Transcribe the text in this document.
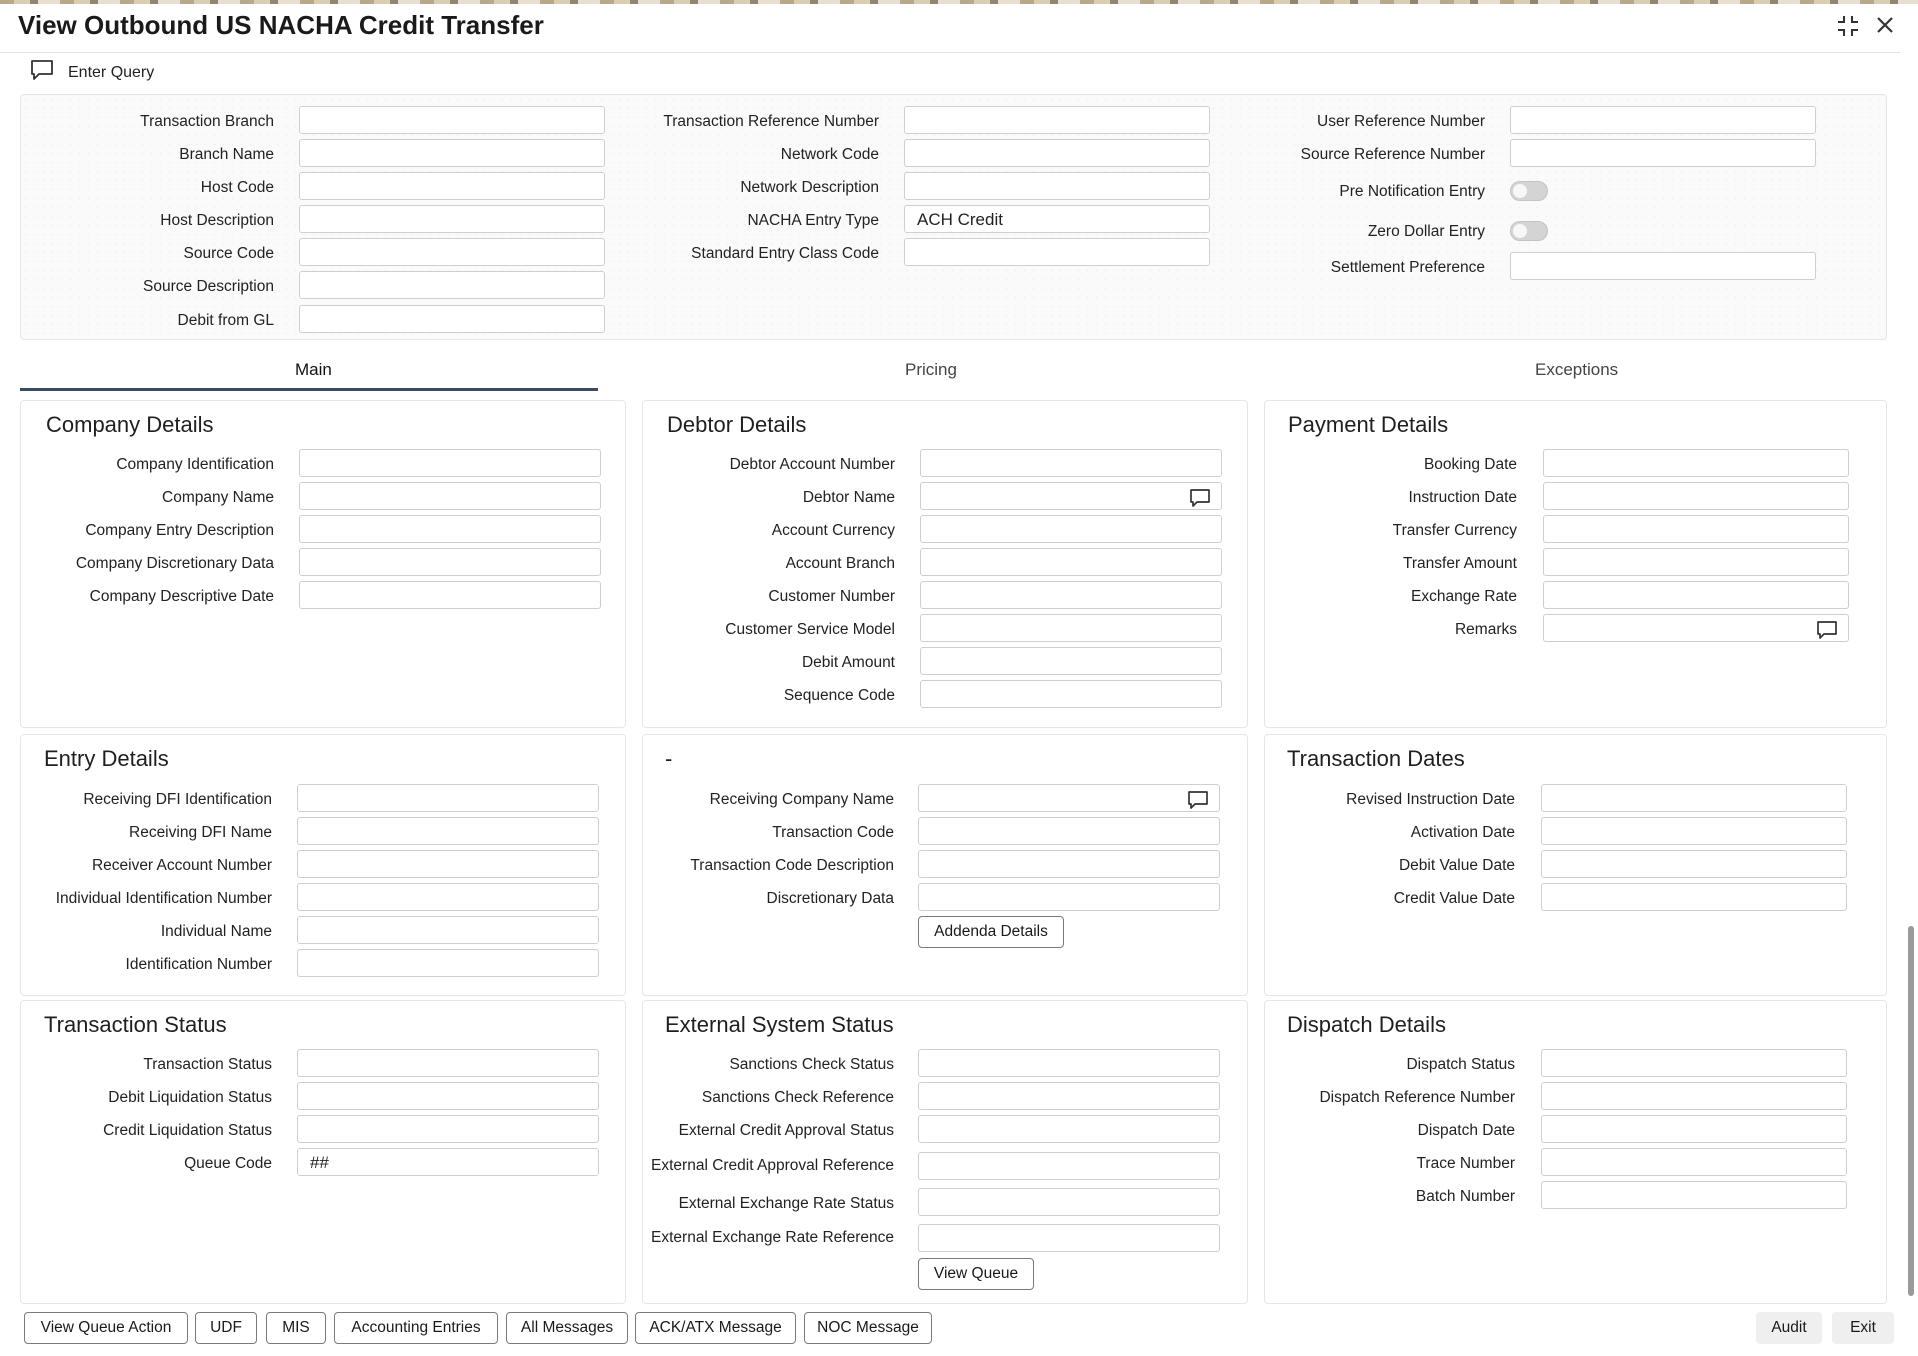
View Outbound US NACHA Credit Transfer
Enter Query
Transaction Branch
Branch Name
Host Code
Host Description
Source Code
Source Description
Debit from GL
Transaction Reference Number
Network Code
Network Description
NACHA Entry Type	ACH Credit
Standard Entry Class Code
User Reference Number
Source Reference Number
Pre Notification Entry
Zero Dollar Entry
Settlement Preference
Main	Pricing	Exceptions
Company Details	Debtor Details	Payment Details
Entry Details	-	Transaction Dates
Transaction Status	External System Status	Dispatch Details
Company Identification
Company Name
Company Entry Description
Company Discretionary Data
Company Descriptive Date
Debtor Account Number
Debtor Name
Account Currency
Account Branch
Customer Number
Customer Service Model
Debit Amount
Sequence Code
Booking Date
Instruction Date
Transfer Currency
Transfer Amount
Exchange Rate
Remarks
Receiving DFI Identification
Receiving DFI Name
Receiver Account Number
Individual Identification Number
Individual Name
Identification Number
Receiving Company Name
Transaction Code
Transaction Code Description
Discretionary Data
Revised Instruction Date
Activation Date
Debit Value Date
Credit Value Date
Transaction Status
Debit Liquidation Status
Credit Liquidation Status
Queue Code	##
Sanctions Check Status
Sanctions Check Reference
External Credit Approval Status
External Credit Approval Reference
External Exchange Rate Status
External Exchange Rate Reference
Dispatch Status
Dispatch Reference Number
Dispatch Date
Trace Number
Batch Number
Addenda Details
View Queue
View Queue Action	UDF	MIS	Accounting Entries	All Messages	ACK/ATX Message	NOC Message	Audit	Exit
